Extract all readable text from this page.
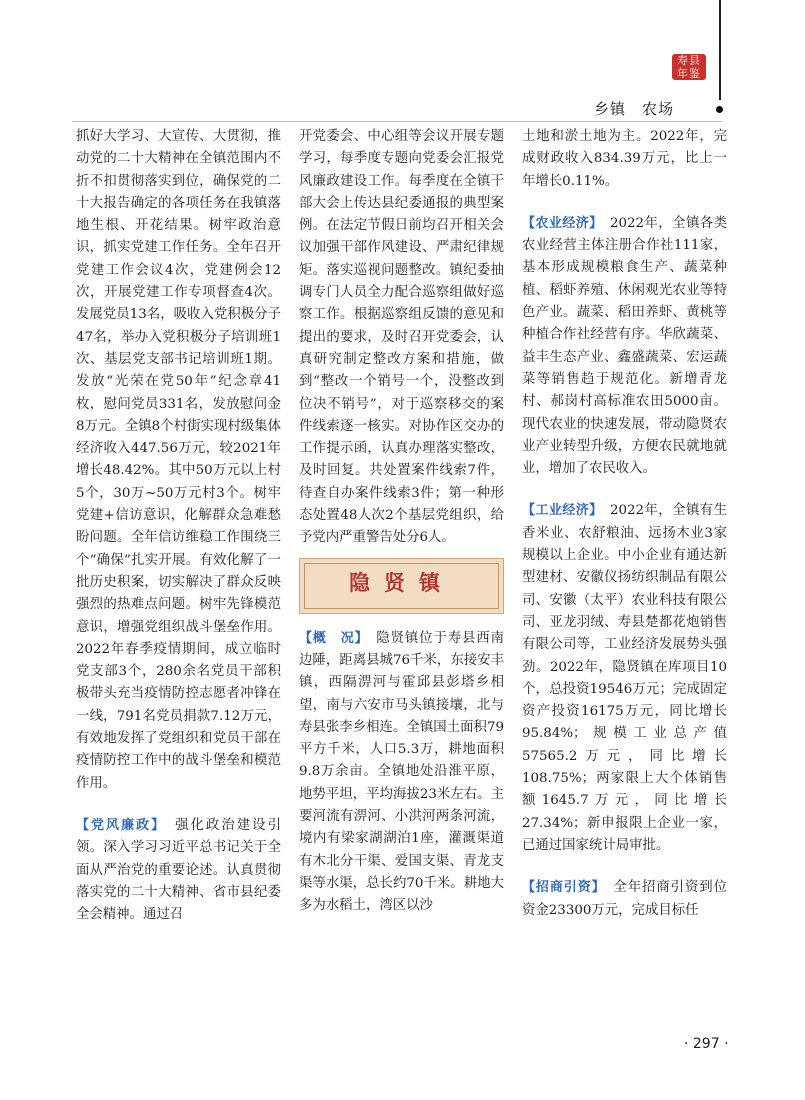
寿县年鉴
乡镇　农场

抓好大学习、大宣传、大贯彻，推动党的二十大精神在全镇范围内不折不扣贯彻落实到位，确保党的二十大报告确定的各项任务在我镇落地生根、开花结果。树牢政治意识，抓实党建工作任务。全年召开党建工作会议4次，党建例会12次，开展党建工作专项督查4次。发展党员13名，吸收入党积极分子47名，举办入党积极分子培训班1次、基层党支部书记培训班1期。发放“光荣在党50年”纪念章41枚，慰问党员331名，发放慰问金8万元。全镇8个村街实现村级集体经济收入447.56万元，较2021年增长48.42%。其中50万元以上村5个，30万~50万元村3个。树牢党建+信访意识，化解群众急难愁盼问题。全年信访维稳工作围绕三个“确保”扎实开展。有效化解了一批历史积案，切实解决了群众反映强烈的热难点问题。树牢先锋模范意识，增强党组织战斗堡垒作用。2022年春季疫情期间，成立临时党支部3个，280余名党员干部积极带头充当疫情防控志愿者冲锋在一线，791名党员捐款7.12万元，有效地发挥了党组织和党员干部在疫情防控工作中的战斗堡垒和模范作用。

【党风廉政】　强化政治建设引领。深入学习习近平总书记关于全面从严治党的重要论述。认真贯彻落实党的二十大精神、省市县纪委全会精神。通过召

开党委会、中心组等会议开展专题学习，每季度专题向党委会汇报党风廉政建设工作。每季度在全镇干部大会上传达县纪委通报的典型案例。在法定节假日前均召开相关会议加强干部作风建设、严肃纪律规矩。落实巡视问题整改。镇纪委抽调专门人员全力配合巡察组做好巡察工作。根据巡察组反馈的意见和提出的要求，及时召开党委会，认真研究制定整改方案和措施，做到“整改一个销号一个，没整改到位决不销号”，对于巡察移交的案件线索逐一核实。对协作区交办的工作提示函，认真办理落实整改，及时回复。共处置案件线索7件，待查自办案件线索3件；第一种形态处置48人次2个基层党组织，给予党内严重警告处分6人。

隐贤镇

【概　况】　隐贤镇位于寿县西南边陲，距离县城76千米，东接安丰镇，西隔淠河与霍邱县彭塔乡相望，南与六安市马头镇接壤，北与寿县张李乡相连。全镇国土面积79平方千米，人口5.3万，耕地面积9.8万余亩。全镇地处沿淮平原，地势平坦，平均海拔23米左右。主要河流有淠河、小洪河两条河流，境内有梁家湖湖泊1座，灌溉渠道有木北分干渠、爱国支渠、青龙支渠等水渠，总长约70千米。耕地大多为水稻土，湾区以沙

土地和淤土地为主。2022年，完成财政收入834.39万元，比上一年增长0.11%。

【农业经济】　2022年，全镇各类农业经营主体注册合作社111家，基本形成规模粮食生产、蔬菜种植、稻虾养殖、休闲观光农业等特色产业。蔬菜、稻田养虾、黄桃等种植合作社经营有序。华欣蔬菜、益丰生态产业、鑫盛蔬菜、宏运蔬菜等销售趋于规范化。新增青龙村、郝岗村高标准农田5000亩。现代农业的快速发展，带动隐贤农业产业转型升级，方便农民就地就业，增加了农民收入。

【工业经济】　2022年，全镇有生香米业、农舒粮油、远扬木业3家规模以上企业。中小企业有通达新型建材、安徽仪扬纺织制品有限公司、安徽（太平）农业科技有限公司、亚龙羽绒、寿县楚都花炮销售有限公司等，工业经济发展势头强劲。2022年，隐贤镇在库项目10个，总投资19546万元；完成固定资产投资16175万元，同比增长95.84%；规模工业总产值57565.2万元，同比增长108.75%；两家限上大个体销售额1645.7万元，同比增长27.34%；新申报限上企业一家，已通过国家统计局审批。

【招商引资】　全年招商引资到位资金23300万元，完成目标任

· 297 ·
